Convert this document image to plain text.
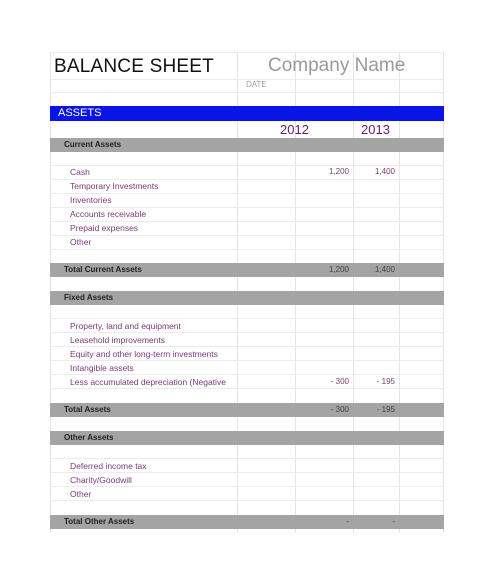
BALANCE SHEET	Company Name
DATE
ASSETS
2012	2013
Current Assets
Cash	1,200	1,400
Temporary Investments
Inventories
Accounts receivable
Prepaid expenses
Other
Total Current Assets	1,200	1,400
Fixed Assets
Property, land and equipment
Leasehold improvements
Equity and other long-term investments
Intangible assets
Less accumulated depreciation (Negative	- 300	- 195
Total Assets	- 300	- 195
Other Assets
Deferred income tax
Charity/Goodwill
Other
Total Other Assets	-	-
